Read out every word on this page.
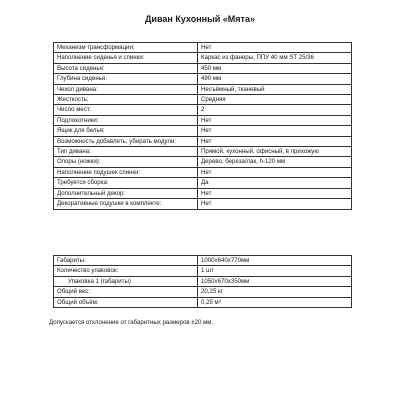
Диван Кухонный «Мята»
Механизм трансформации:	Нет
Наполнение сиденья и спинки:	Каркас из фанеры, ППУ 40 мм ST 25/36
Высота сиденья:	450 мм
Глубина сиденья:	490 мм
Чехол дивана:	Несъёмный, тканевый
Жесткость:	Средняя
Число мест:	2
Подлокотники:	Нет
Ящик для белья:	Нет
Возможность добавлять, убирать модули:	Нет
Тип дивана:	Прямой, кухонный, офисный, в прихожую
Опоры (ножки):	Дерево, береза/лак, h-120 мм
Наполнение подушек спинки:	Нет
Требуется сборка:	Да
Дополнительный декор:	Нет
Декоративные подушки в комплекте:	Нет
Габариты:	1000х640х770мм
Количество упаковок:	1 шт
Упаковка 1 (габариты)	1050х670х350мм
Общий вес:	20,25 кг
Общий объём:	0,25 м³
Допускается отклонение от габаритных размеров ±20 мм.
